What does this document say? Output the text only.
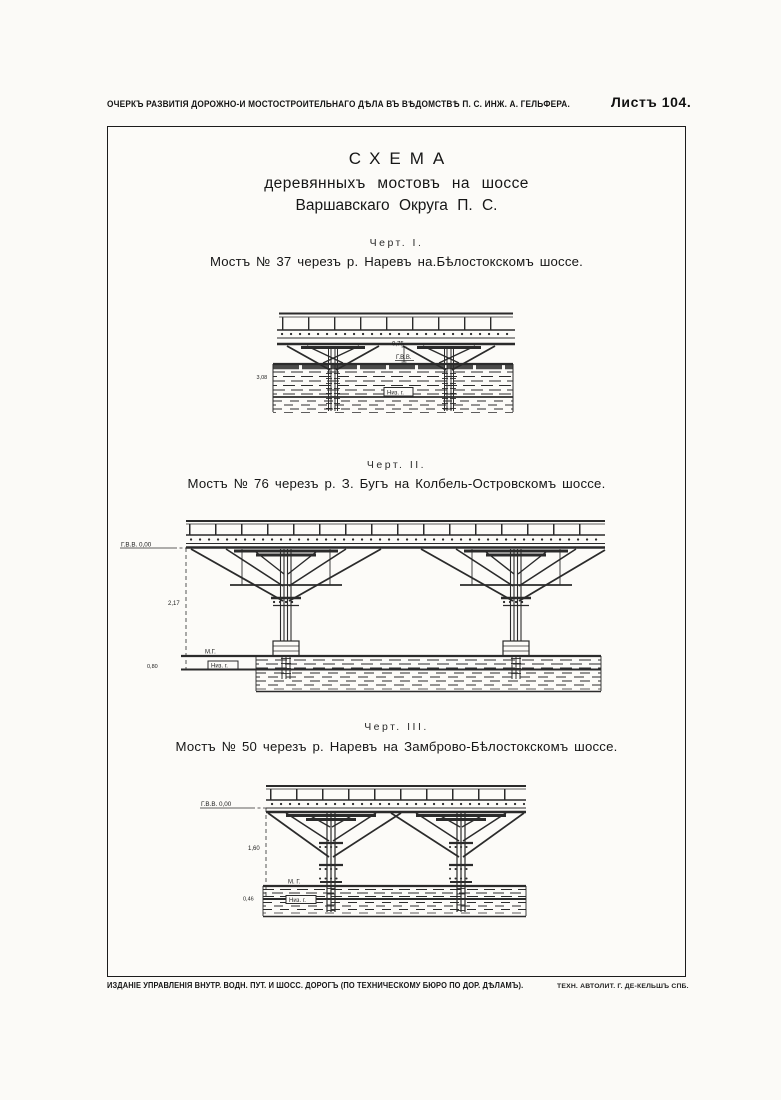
ОЧЕРКЪ РАЗВИТІЯ ДОРОЖНО-И МОСТОСТРОИТЕЛЬНАГО ДѢЛА ВЪ ВѢДОМСТВѢ П. С. ИНЖ. А. ГЕЛЬФЕРА.	Листъ 104.
СХЕМА
деревянныхъ мостовъ на шоссе
Варшавскаго Округа П. С.
Черт. I.
Мостъ № 37 черезъ р. Наревъ на.Бѣлостокскомъ шоссе.
0,75
Г.В.В.
Низ. г.
3,08
Черт. II.
Мостъ № 76 черезъ р. З. Бугъ на Колбель-Островскомъ шоссе.
Г.В.В. 0,00
2,17
М.Г.
0,80	Низ. г.
Черт. III.
Мостъ № 50 черезъ р. Наревъ на Замброво-Бѣлостокскомъ шоссе.
Г.В.В. 0,00
1,60
М. Г.
0,46	Низ. г.
ИЗДАНІЕ УПРАВЛЕНІЯ ВНУТР. ВОДН. ПУТ. И ШОСС. ДОРОГЪ (ПО ТЕХНИЧЕСКОМУ БЮРО ПО ДОР. ДѢЛАМЪ).	ТЕХН. АВТОЛИТ. Г. ДЕ-КЕЛЬШЪ СПБ.
